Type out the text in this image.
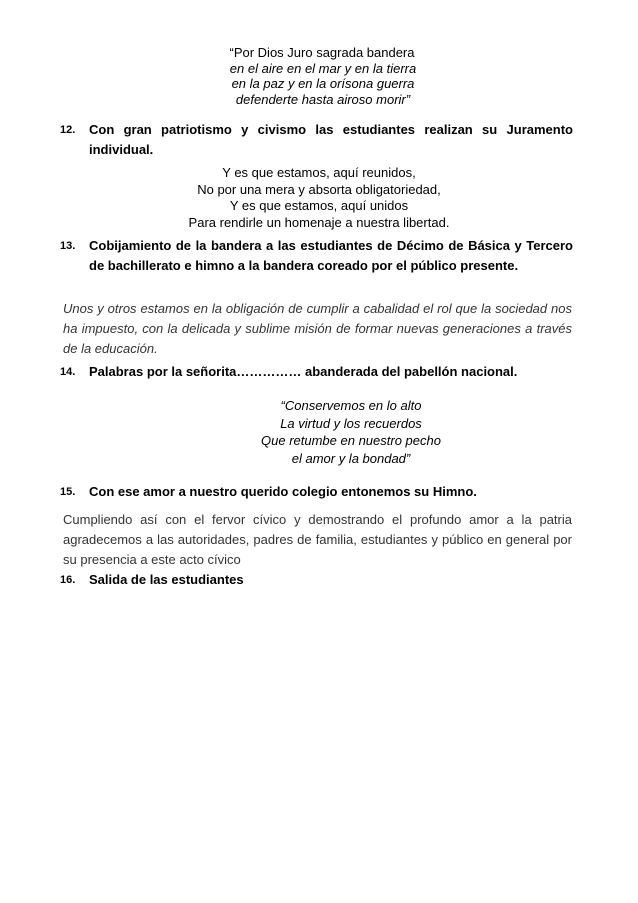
“Por Dios Juro sagrada bandera
en el aire en el mar y en la tierra
en la paz y en la orísona guerra
defenderte hasta airoso morir”
12. Con gran patriotismo y civismo las estudiantes realizan su Juramento individual.
Y es que estamos, aquí reunidos,
No por una mera y absorta obligatoriedad,
Y es que estamos, aquí unidos
Para rendirle un homenaje a nuestra libertad.
13. Cobijamiento de la bandera a las estudiantes de Décimo de Básica y Tercero de bachillerato e himno a la bandera coreado por el público presente.
Unos y otros estamos en la obligación de cumplir a cabalidad el rol que la sociedad nos ha impuesto, con la delicada y sublime misión de formar nuevas generaciones a través de la educación.
14. Palabras por la señorita…………… abanderada del pabellón nacional.
“Conservemos en lo alto
La virtud y los recuerdos
Que retumbe en nuestro pecho
el amor y la bondad”
15. Con ese amor a nuestro querido colegio entonemos su Himno.
Cumpliendo así con el fervor cívico y demostrando el profundo amor a la patria agradecemos a las autoridades, padres de familia, estudiantes y público en general por su presencia a este acto cívico
16. Salida de las estudiantes
